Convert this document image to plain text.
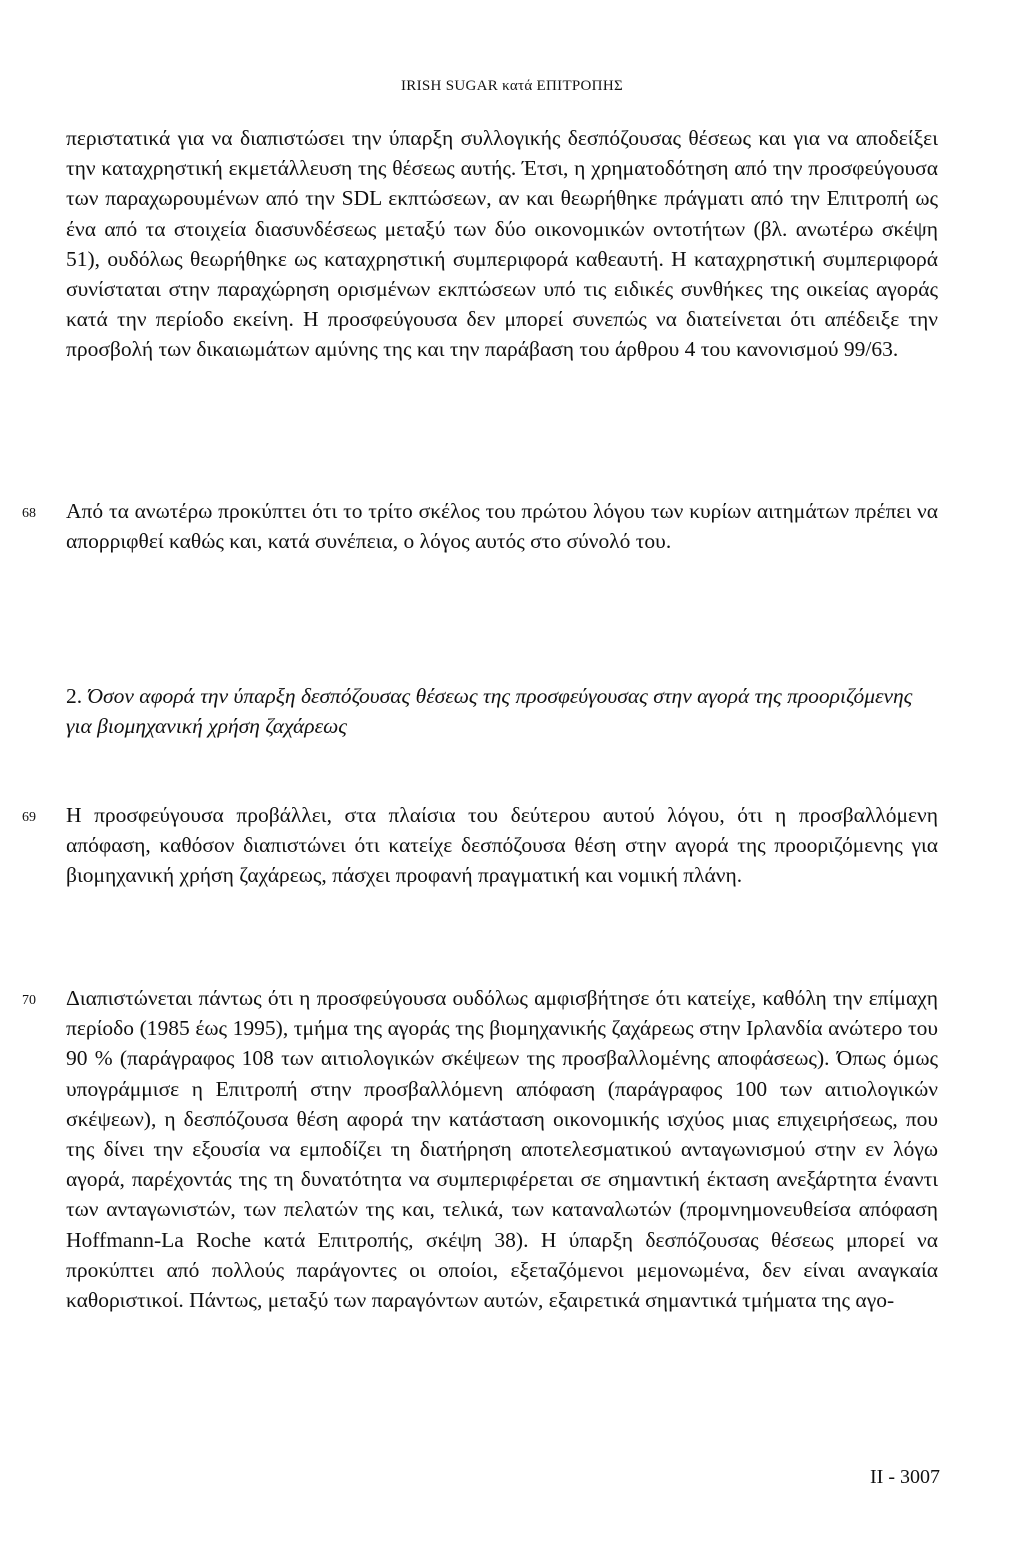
IRISH SUGAR κατά ΕΠΙΤΡΟΠΗΣ
περιστατικά για να διαπιστώσει την ύπαρξη συλλογικής δεσπόζουσας θέσεως και για να αποδείξει την καταχρηστική εκμετάλλευση της θέσεως αυτής. Έτσι, η χρηματοδότηση από την προσφεύγουσα των παραχωρουμένων από την SDL εκπτώσεων, αν και θεωρήθηκε πράγματι από την Επιτροπή ως ένα από τα στοιχεία διασυνδέσεως μεταξύ των δύο οικονομικών οντοτήτων (βλ. ανωτέρω σκέψη 51), ουδόλως θεωρήθηκε ως καταχρηστική συμπεριφορά καθεαυτή. Η καταχρηστική συμπεριφορά συνίσταται στην παραχώρηση ορισμένων εκπτώσεων υπό τις ειδικές συνθήκες της οικείας αγοράς κατά την περίοδο εκείνη. Η προσφεύγουσα δεν μπορεί συνεπώς να διατείνεται ότι απέδειξε την προσβολή των δικαιωμάτων αμύνης της και την παράβαση του άρθρου 4 του κανονισμού 99/63.
68	Από τα ανωτέρω προκύπτει ότι το τρίτο σκέλος του πρώτου λόγου των κυρίων αιτημάτων πρέπει να απορριφθεί καθώς και, κατά συνέπεια, ο λόγος αυτός στο σύνολό του.
2. Όσον αφορά την ύπαρξη δεσπόζουσας θέσεως της προσφεύγουσας στην αγορά της προοριζόμενης για βιομηχανική χρήση ζαχάρεως
69	Η προσφεύγουσα προβάλλει, στα πλαίσια του δεύτερου αυτού λόγου, ότι η προσβαλλόμενη απόφαση, καθόσον διαπιστώνει ότι κατείχε δεσπόζουσα θέση στην αγορά της προοριζόμενης για βιομηχανική χρήση ζαχάρεως, πάσχει προφανή πραγματική και νομική πλάνη.
70	Διαπιστώνεται πάντως ότι η προσφεύγουσα ουδόλως αμφισβήτησε ότι κατείχε, καθόλη την επίμαχη περίοδο (1985 έως 1995), τμήμα της αγοράς της βιομηχανικής ζαχάρεως στην Ιρλανδία ανώτερο του 90 % (παράγραφος 108 των αιτιολογικών σκέψεων της προσβαλλομένης αποφάσεως). Όπως όμως υπογράμμισε η Επιτροπή στην προσβαλλόμενη απόφαση (παράγραφος 100 των αιτιολογικών σκέψεων), η δεσπόζουσα θέση αφορά την κατάσταση οικονομικής ισχύος μιας επιχειρήσεως, που της δίνει την εξουσία να εμποδίζει τη διατήρηση αποτελεσματικού ανταγωνισμού στην εν λόγω αγορά, παρέχοντάς της τη δυνατότητα να συμπεριφέρεται σε σημαντική έκταση ανεξάρτητα έναντι των ανταγωνιστών, των πελατών της και, τελικά, των καταναλωτών (προμνημονευθείσα απόφαση Hoffmann-La Roche κατά Επιτροπής, σκέψη 38). Η ύπαρξη δεσπόζουσας θέσεως μπορεί να προκύπτει από πολλούς παράγοντες οι οποίοι, εξεταζόμενοι μεμονωμένα, δεν είναι αναγκαία καθοριστικοί. Πάντως, μεταξύ των παραγόντων αυτών, εξαιρετικά σημαντικά τμήματα της αγο-
II - 3007
